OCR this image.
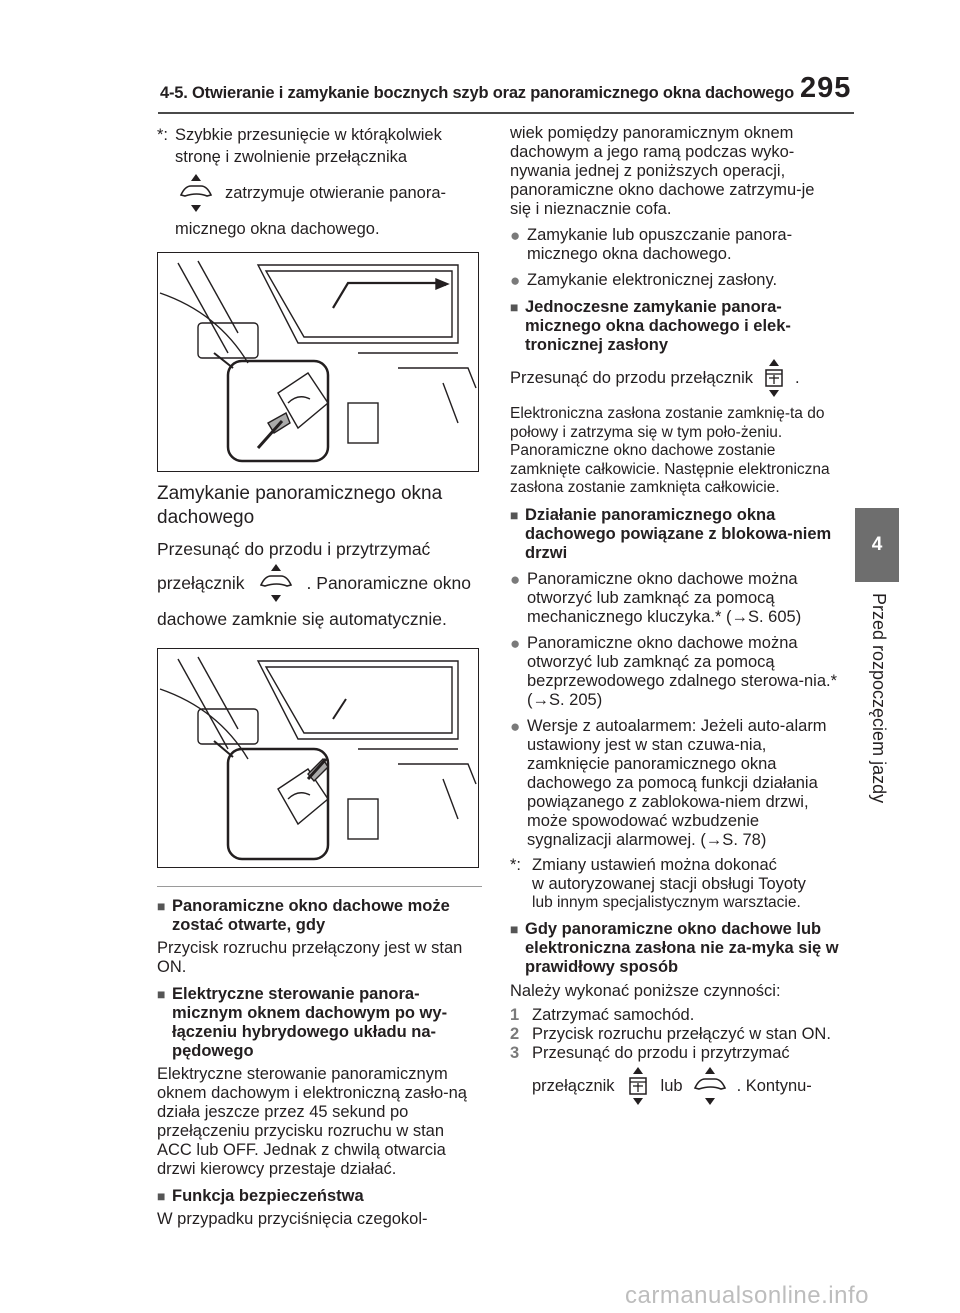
4-5. Otwieranie i zamykanie bocznych szyb oraz panoramicznego okna dachowego 295
4
Przed rozpoczęciem jazdy
*: Szybkie przesunięcie w którąkolwiek
stronę i zwolnienie przełącznika
zatrzymuje otwieranie panora-
micznego okna dachowego.
Zamykanie panoramicznego okna
dachowego
Przesunąć do przodu i przytrzymać
przełącznik	. Panoramiczne okno
dachowe zamknie się automatycznie.
■ Panoramiczne okno dachowe może zostać otwarte, gdy

Przycisk rozruchu przełączony jest w stan ON.

■ Elektryczne sterowanie panora-micznym oknem dachowym po wy-łączeniu hybrydowego układu na-pędowego

Elektryczne sterowanie panoramicznym oknem dachowym i elektroniczną zasło-ną działa jeszcze przez 45 sekund po przełączeniu przycisku rozruchu w stan ACC lub OFF. Jednak z chwilą otwarcia drzwi kierowcy przestaje działać.

■ Funkcja bezpieczeństwa

W przypadku przyciśnięcia czegokol-

wiek pomiędzy panoramicznym oknem dachowym a jego ramą podczas wyko-nywania jednej z poniższych operacji, panoramiczne okno dachowe zatrzymu-je się i nieznacznie cofa.

● Zamykanie lub opuszczanie panora-micznego okna dachowego.
● Zamykanie elektronicznej zasłony.
■ Jednoczesne zamykanie panora-micznego okna dachowego i elek-tronicznej zasłony
Przesunąć do przodu przełącznik	.

Elektroniczna zasłona zostanie zamknię-ta do połowy i zatrzyma się w tym poło-żeniu. Panoramiczne okno dachowe zostanie zamknięte całkowicie. Następnie elektroniczna zasłona zostanie zamknięta całkowicie.

■ Działanie panoramicznego okna dachowego powiązane z blokowa-niem drzwi
● Panoramiczne okno dachowe można otworzyć lub zamknąć za pomocą mechanicznego kluczyka.* (→S. 605)
● Panoramiczne okno dachowe można otworzyć lub zamknąć za pomocą bezprzewodowego zdalnego sterowa-nia.* (→S. 205)
● Wersje z autoalarmem: Jeżeli auto-alarm ustawiony jest w stan czuwa-nia, zamknięcie panoramicznego okna dachowego za pomocą funkcji działania powiązanego z zablokowa-niem drzwi, może spowodować wzbudzenie sygnalizacji alarmowej. (→S. 78)
*: Zmiany ustawień można dokonać
w autoryzowanej stacji obsługi Toyoty
lub innym specjalistycznym warsztacie.
■ Gdy panoramiczne okno dachowe lub elektroniczna zasłona nie za-myka się w prawidłowy sposób

Należy wykonać poniższe czynności:

1 Zatrzymać samochód.
2 Przycisk rozruchu przełączyć w stan ON.
3 Przesunąć do przodu i przytrzymać
przełącznik	lub	. Kontynu-
carmanualsonline.info
